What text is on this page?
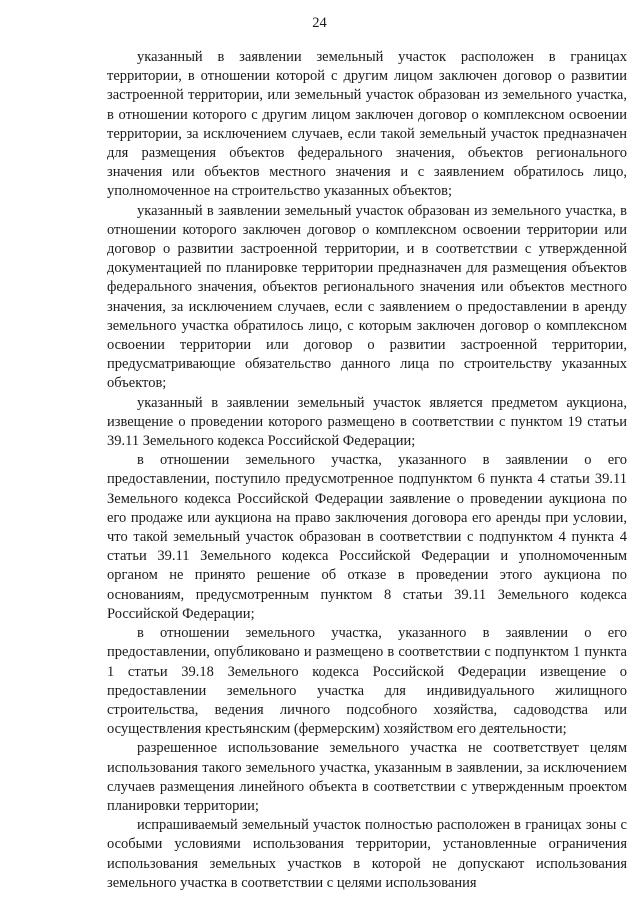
24

указанный в заявлении земельный участок расположен в границах территории, в отношении которой с другим лицом заключен договор о развитии застроенной территории, или земельный участок образован из земельного участка, в отношении которого с другим лицом заключен договор о комплексном освоении территории, за исключением случаев, если такой земельный участок предназначен для размещения объектов федерального значения, объектов регионального значения или объектов местного значения и с заявлением обратилось лицо, уполномоченное на строительство указанных объектов;

указанный в заявлении земельный участок образован из земельного участка, в отношении которого заключен договор о комплексном освоении территории или договор о развитии застроенной территории, и в соответствии с утвержденной документацией по планировке территории предназначен для размещения объектов федерального значения, объектов регионального значения или объектов местного значения, за исключением случаев, если с заявлением о предоставлении в аренду земельного участка обратилось лицо, с которым заключен договор о комплексном освоении территории или договор о развитии застроенной территории, предусматривающие обязательство данного лица по строительству указанных объектов;

указанный в заявлении земельный участок является предметом аукциона, извещение о проведении которого размещено в соответствии с пунктом 19 статьи 39.11 Земельного кодекса Российской Федерации;

в отношении земельного участка, указанного в заявлении о его предоставлении, поступило предусмотренное подпунктом 6 пункта 4 статьи 39.11 Земельного кодекса Российской Федерации заявление о проведении аукциона по его продаже или аукциона на право заключения договора его аренды при условии, что такой земельный участок образован в соответствии с подпунктом 4 пункта 4 статьи 39.11 Земельного кодекса Российской Федерации и уполномоченным органом не принято решение об отказе в проведении этого аукциона по основаниям, предусмотренным пунктом 8 статьи 39.11 Земельного кодекса Российской Федерации;

в отношении земельного участка, указанного в заявлении о его предоставлении, опубликовано и размещено в соответствии с подпунктом 1 пункта 1 статьи 39.18 Земельного кодекса Российской Федерации извещение о предоставлении земельного участка для индивидуального жилищного строительства, ведения личного подсобного хозяйства, садоводства или осуществления крестьянским (фермерским) хозяйством его деятельности;

разрешенное использование земельного участка не соответствует целям использования такого земельного участка, указанным в заявлении, за исключением случаев размещения линейного объекта в соответствии с утвержденным проектом планировки территории;

испрашиваемый земельный участок полностью расположен в границах зоны с особыми условиями использования территории, установленные ограничения использования земельных участков в которой не допускают использования земельного участка в соответствии с целями использования
